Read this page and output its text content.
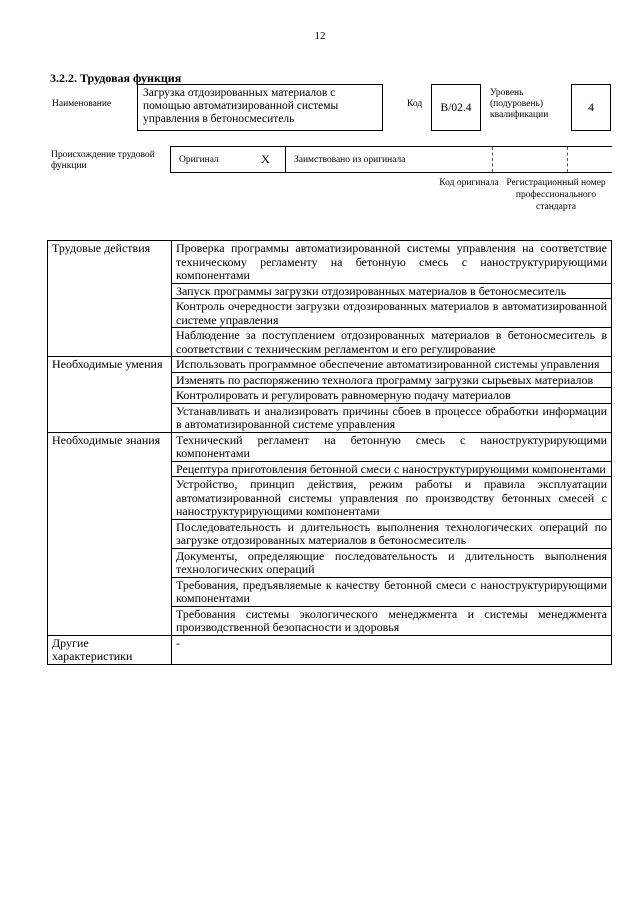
12
3.2.2. Трудовая функция
Наименование
Загрузка отдозированных материалов с помощью автоматизированной системы управления в бетоносмеситель
Код	B/02.4
Уровень (подуровень) квалификации
4
Происхождение трудовой функции
Оригинал	X	Заимствовано из оригинала
Код оригинала Регистрационный номер профессионального стандарта
Трудовые действия	Проверка программы автоматизированной системы управления на соответствие техническому регламенту на бетонную смесь с наноструктурирующими компонентами
	Запуск программы загрузки отдозированных материалов в бетоносмеситель
	Контроль очередности загрузки отдозированных материалов в автоматизированной системе управления
	Наблюдение за поступлением отдозированных материалов в бетоносмеситель в соответствии с техническим регламентом и его регулирование
Необходимые умения	Использовать программное обеспечение автоматизированной системы управления
	Изменять по распоряжению технолога программу загрузки сырьевых материалов
	Контролировать и регулировать равномерную подачу материалов
	Устанавливать и анализировать причины сбоев в процессе обработки информации в автоматизированной системе управления
Необходимые знания	Технический регламент на бетонную смесь с наноструктурирующими компонентами
	Рецептура приготовления бетонной смеси с наноструктурирующими компонентами
	Устройство, принцип действия, режим работы и правила эксплуатации автоматизированной системы управления по производству бетонных смесей с наноструктурирующими компонентами
	Последовательность и длительность выполнения технологических операций по загрузке отдозированных материалов в бетоносмеситель
	Документы, определяющие последовательность и длительность выполнения технологических операций
	Требования, предъявляемые к качеству бетонной смеси с наноструктурирующими компонентами
	Требования системы экологического менеджмента и системы менеджмента производственной безопасности и здоровья
Другие характеристики	-
